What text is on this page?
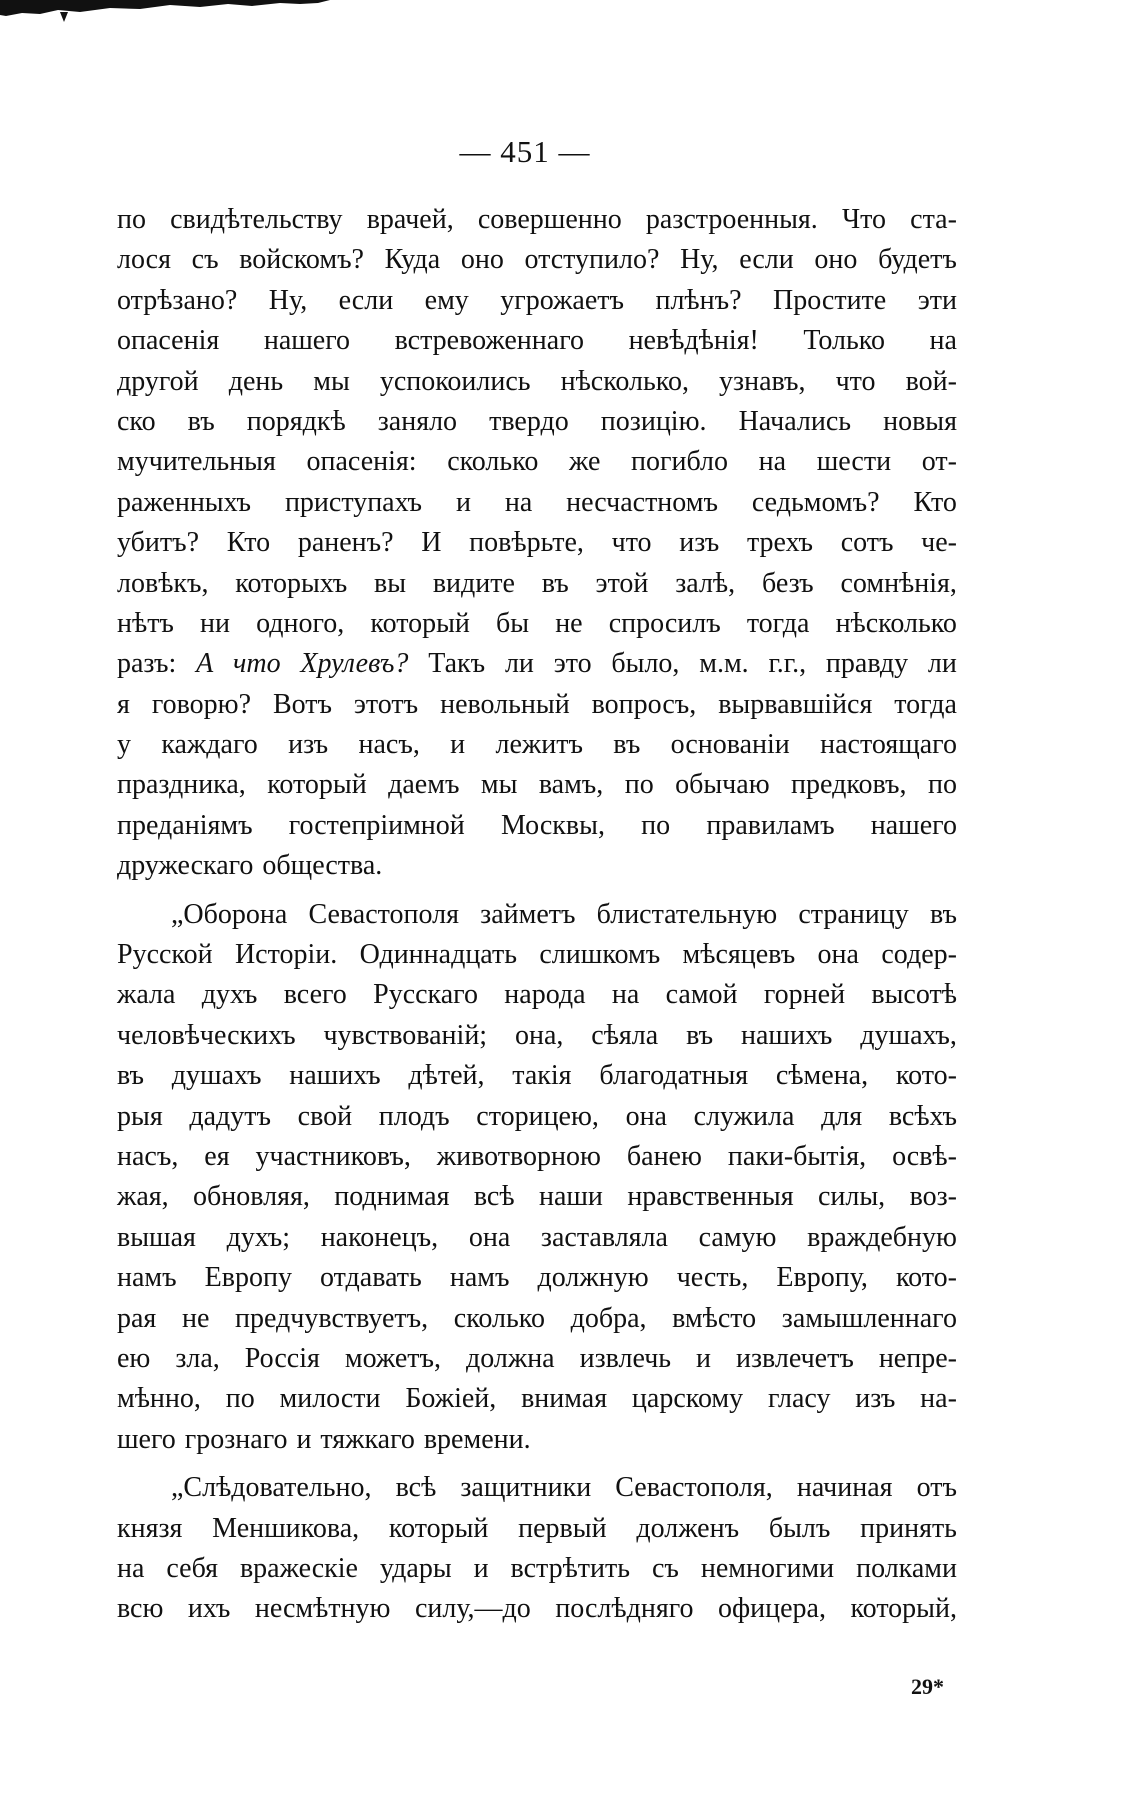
— 451 —
по свидѣтельству врачей, совершенно разстроенныя. Что ста-
лося съ войскомъ? Куда оно отступило? Ну, если оно будетъ
отрѣзано? Ну, если ему угрожаетъ плѣнъ? Простите эти
опасенія нашего встревоженнаго невѣдѣнія! Только на
другой день мы успокоились нѣсколько, узнавъ, что вой-
ско въ порядкѣ заняло твердо позицію. Начались новыя
мучительныя опасенія: сколько же погибло на шести от-
раженныхъ приступахъ и на несчастномъ седьмомъ? Кто
убитъ? Кто раненъ? И повѣрьте, что изъ трехъ сотъ че-
ловѣкъ, которыхъ вы видите въ этой залѣ, безъ сомнѣнія,
нѣтъ ни одного, который бы не спросилъ тогда нѣсколько
разъ: А что Хрулевъ? Такъ ли это было, м.м. г.г., правду ли
я говорю? Вотъ этотъ невольный вопросъ, вырвавшійся тогда
у каждаго изъ насъ, и лежитъ въ основаніи настоящаго
праздника, который даемъ мы вамъ, по обычаю предковъ, по
преданіямъ гостепріимной Москвы, по правиламъ нашего
дружескаго общества.
„Оборона Севастополя займетъ блистательную страницу въ
Русской Исторіи. Одиннадцать слишкомъ мѣсяцевъ она содер-
жала духъ всего Русскаго народа на самой горней высотѣ
человѣческихъ чувствованій; она, сѣяла въ нашихъ душахъ,
въ душахъ нашихъ дѣтей, такія благодатныя сѣмена, кото-
рыя дадутъ свой плодъ сторицею, она служила для всѣхъ
насъ, ея участниковъ, животворною банею паки-бытія, освѣ-
жая, обновляя, поднимая всѣ наши нравственныя силы, воз-
вышая духъ; наконецъ, она заставляла самую враждебную
намъ Европу отдавать намъ должную честь, Европу, кото-
рая не предчувствуетъ, сколько добра, вмѣсто замышленнаго
ею зла, Россія можетъ, должна извлечь и извлечетъ непре-
мѣнно, по милости Божіей, внимая царскому гласу изъ на-
шего грознаго и тяжкаго времени.
„Слѣдовательно, всѣ защитники Севастополя, начиная отъ
князя Меншикова, который первый долженъ былъ принять
на себя вражескіе удары и встрѣтить съ немногими полками
всю ихъ несмѣтную силу,—до послѣдняго офицера, который,
29*
